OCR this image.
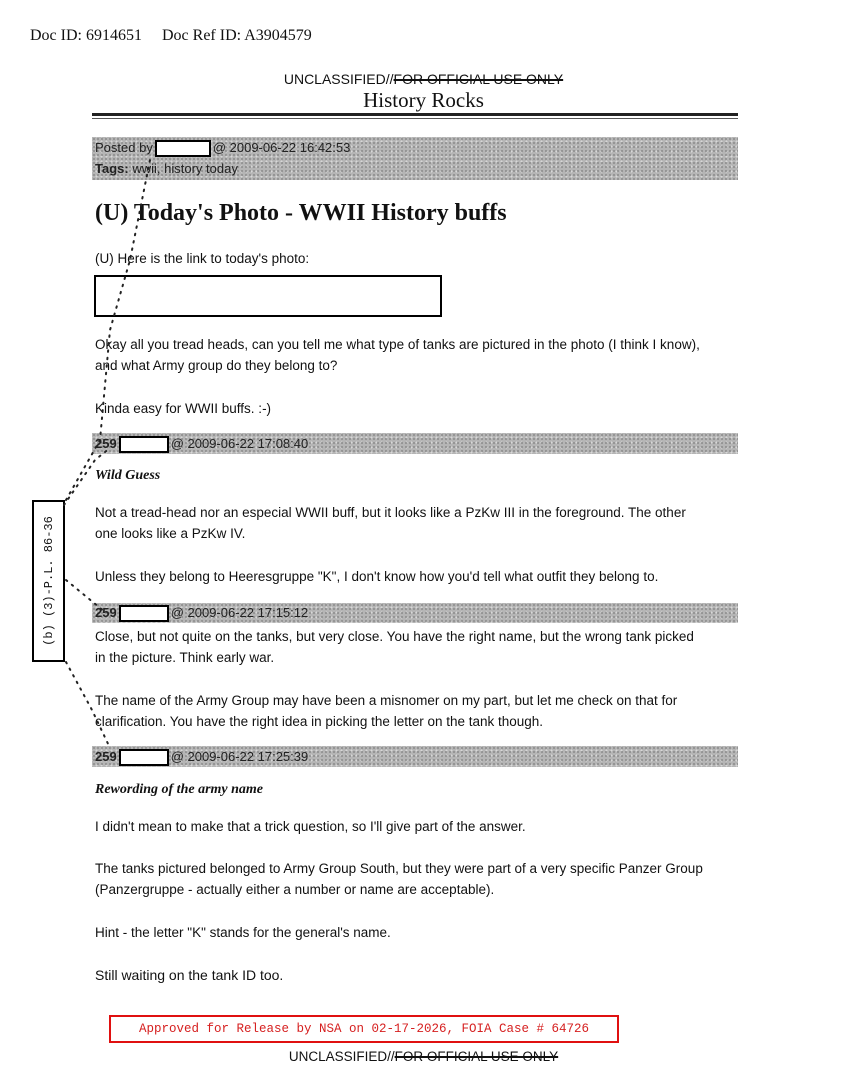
Doc ID: 6914651 Doc Ref ID: A3904579
UNCLASSIFIED//FOR OFFICIAL USE ONLY
History Rocks
Posted by	@ 2009-06-22 16:42:53
Tags: wwii, history today
(U) Today's Photo - WWII History buffs
(U) Here is the link to today's photo:
Okay all you tread heads, can you tell me what type of tanks are pictured in the photo (I think I know),
and what Army group do they belong to?
Kinda easy for WWII buffs. :-)
259	@ 2009-06-22 17:08:40
Wild Guess
Not a tread-head nor an especial WWII buff, but it looks like a PzKw III in the foreground. The other
one looks like a PzKw IV.
Unless they belong to Heeresgruppe "K", I don't know how you'd tell what outfit they belong to.
259	@ 2009-06-22 17:15:12
Close, but not quite on the tanks, but very close. You have the right name, but the wrong tank picked
in the picture. Think early war.
The name of the Army Group may have been a misnomer on my part, but let me check on that for
clarification. You have the right idea in picking the letter on the tank though.
259	@ 2009-06-22 17:25:39
Rewording of the army name
I didn't mean to make that a trick question, so I'll give part of the answer.
The tanks pictured belonged to Army Group South, but they were part of a very specific Panzer Group
(Panzergruppe - actually either a number or name are acceptable).
Hint - the letter "K" stands for the general's name.
Still waiting on the tank ID too.
(b) (3)-P.L. 86-36
Approved for Release by NSA on 02-17-2026, FOIA Case # 64726
UNCLASSIFIED//FOR OFFICIAL USE ONLY
